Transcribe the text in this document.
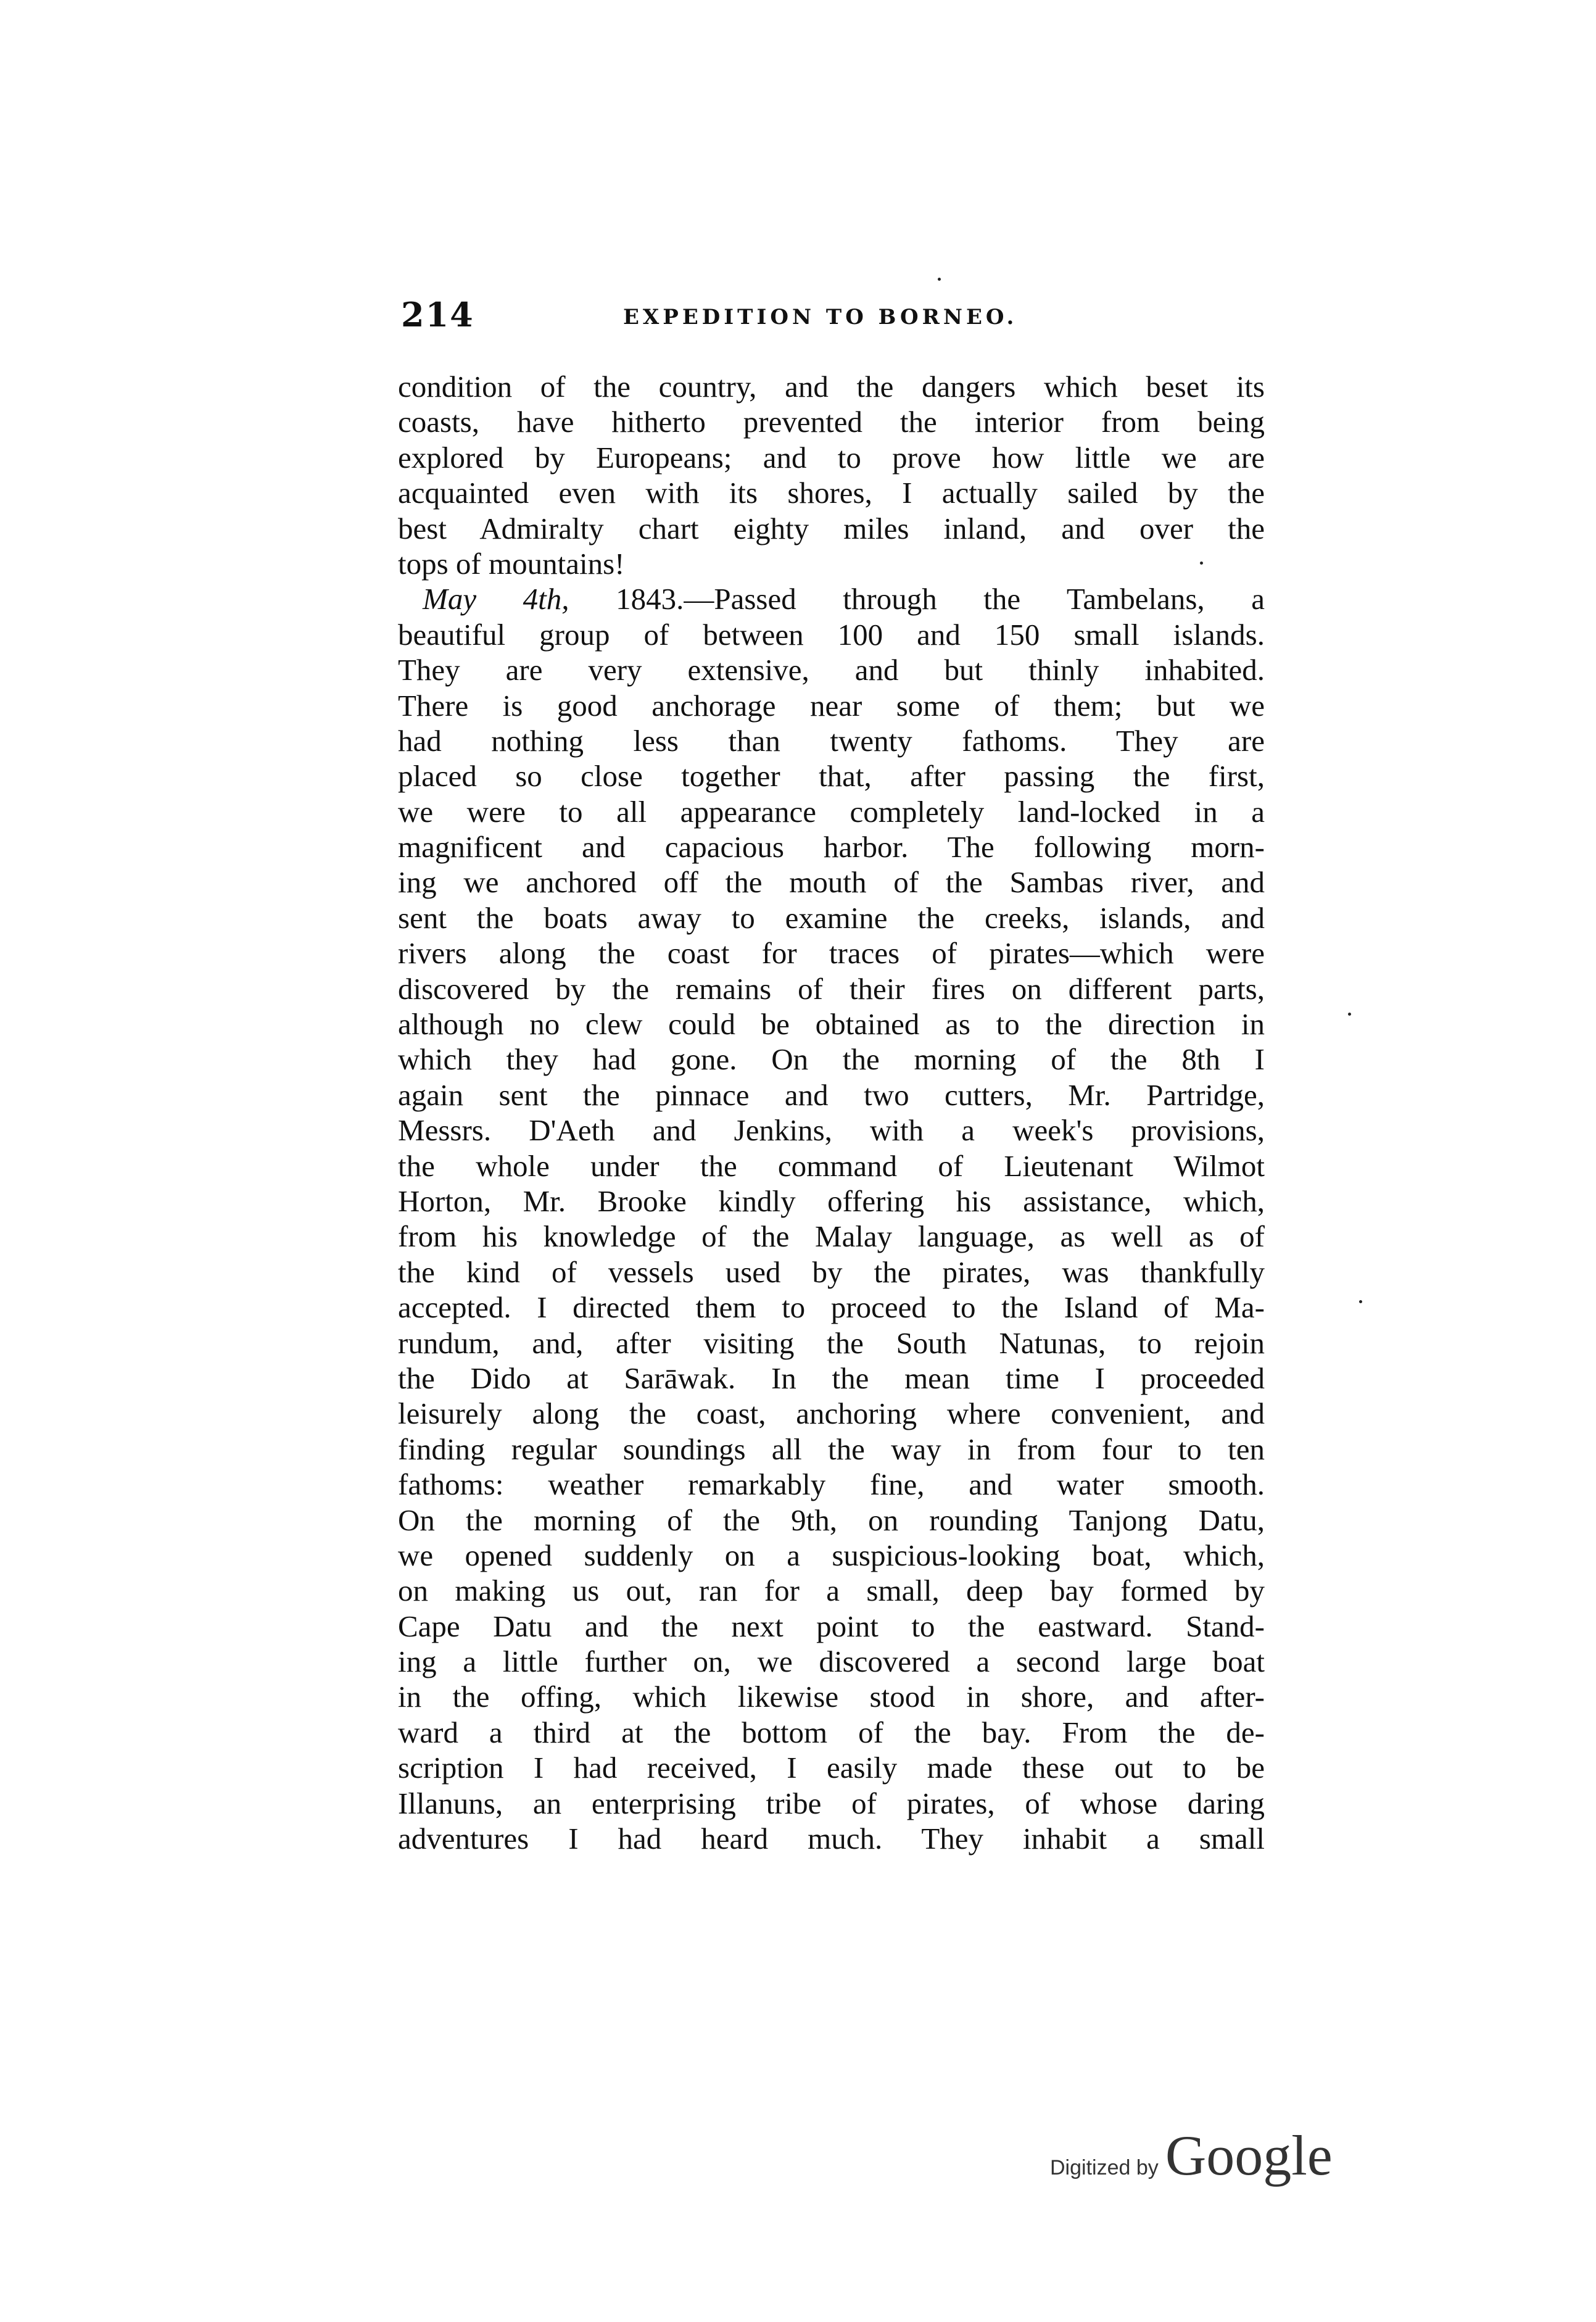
214	EXPEDITION TO BORNEO.
condition of the country, and the dangers which beset its
coasts, have hitherto prevented the interior from being
explored by Europeans; and to prove how little we are
acquainted even with its shores, I actually sailed by the
best Admiralty chart eighty miles inland, and over the
tops of mountains!
May 4th, 1843.—Passed through the Tambelans, a
beautiful group of between 100 and 150 small islands.
They are very extensive, and but thinly inhabited.
There is good anchorage near some of them; but we
had nothing less than twenty fathoms. They are
placed so close together that, after passing the first,
we were to all appearance completely land-locked in a
magnificent and capacious harbor. The following morn-
ing we anchored off the mouth of the Sambas river, and
sent the boats away to examine the creeks, islands, and
rivers along the coast for traces of pirates—which were
discovered by the remains of their fires on different parts,
although no clew could be obtained as to the direction in
which they had gone. On the morning of the 8th I
again sent the pinnace and two cutters, Mr. Partridge,
Messrs. D'Aeth and Jenkins, with a week's provisions,
the whole under the command of Lieutenant Wilmot
Horton, Mr. Brooke kindly offering his assistance, which,
from his knowledge of the Malay language, as well as of
the kind of vessels used by the pirates, was thankfully
accepted. I directed them to proceed to the Island of Ma-
rundum, and, after visiting the South Natunas, to rejoin
the Dido at Sarāwak. In the mean time I proceeded
leisurely along the coast, anchoring where convenient, and
finding regular soundings all the way in from four to ten
fathoms: weather remarkably fine, and water smooth.
On the morning of the 9th, on rounding Tanjong Datu,
we opened suddenly on a suspicious-looking boat, which,
on making us out, ran for a small, deep bay formed by
Cape Datu and the next point to the eastward. Stand-
ing a little further on, we discovered a second large boat
in the offing, which likewise stood in shore, and after-
ward a third at the bottom of the bay. From the de-
scription I had received, I easily made these out to be
Illanuns, an enterprising tribe of pirates, of whose daring
adventures I had heard much. They inhabit a small
Digitized by Google
